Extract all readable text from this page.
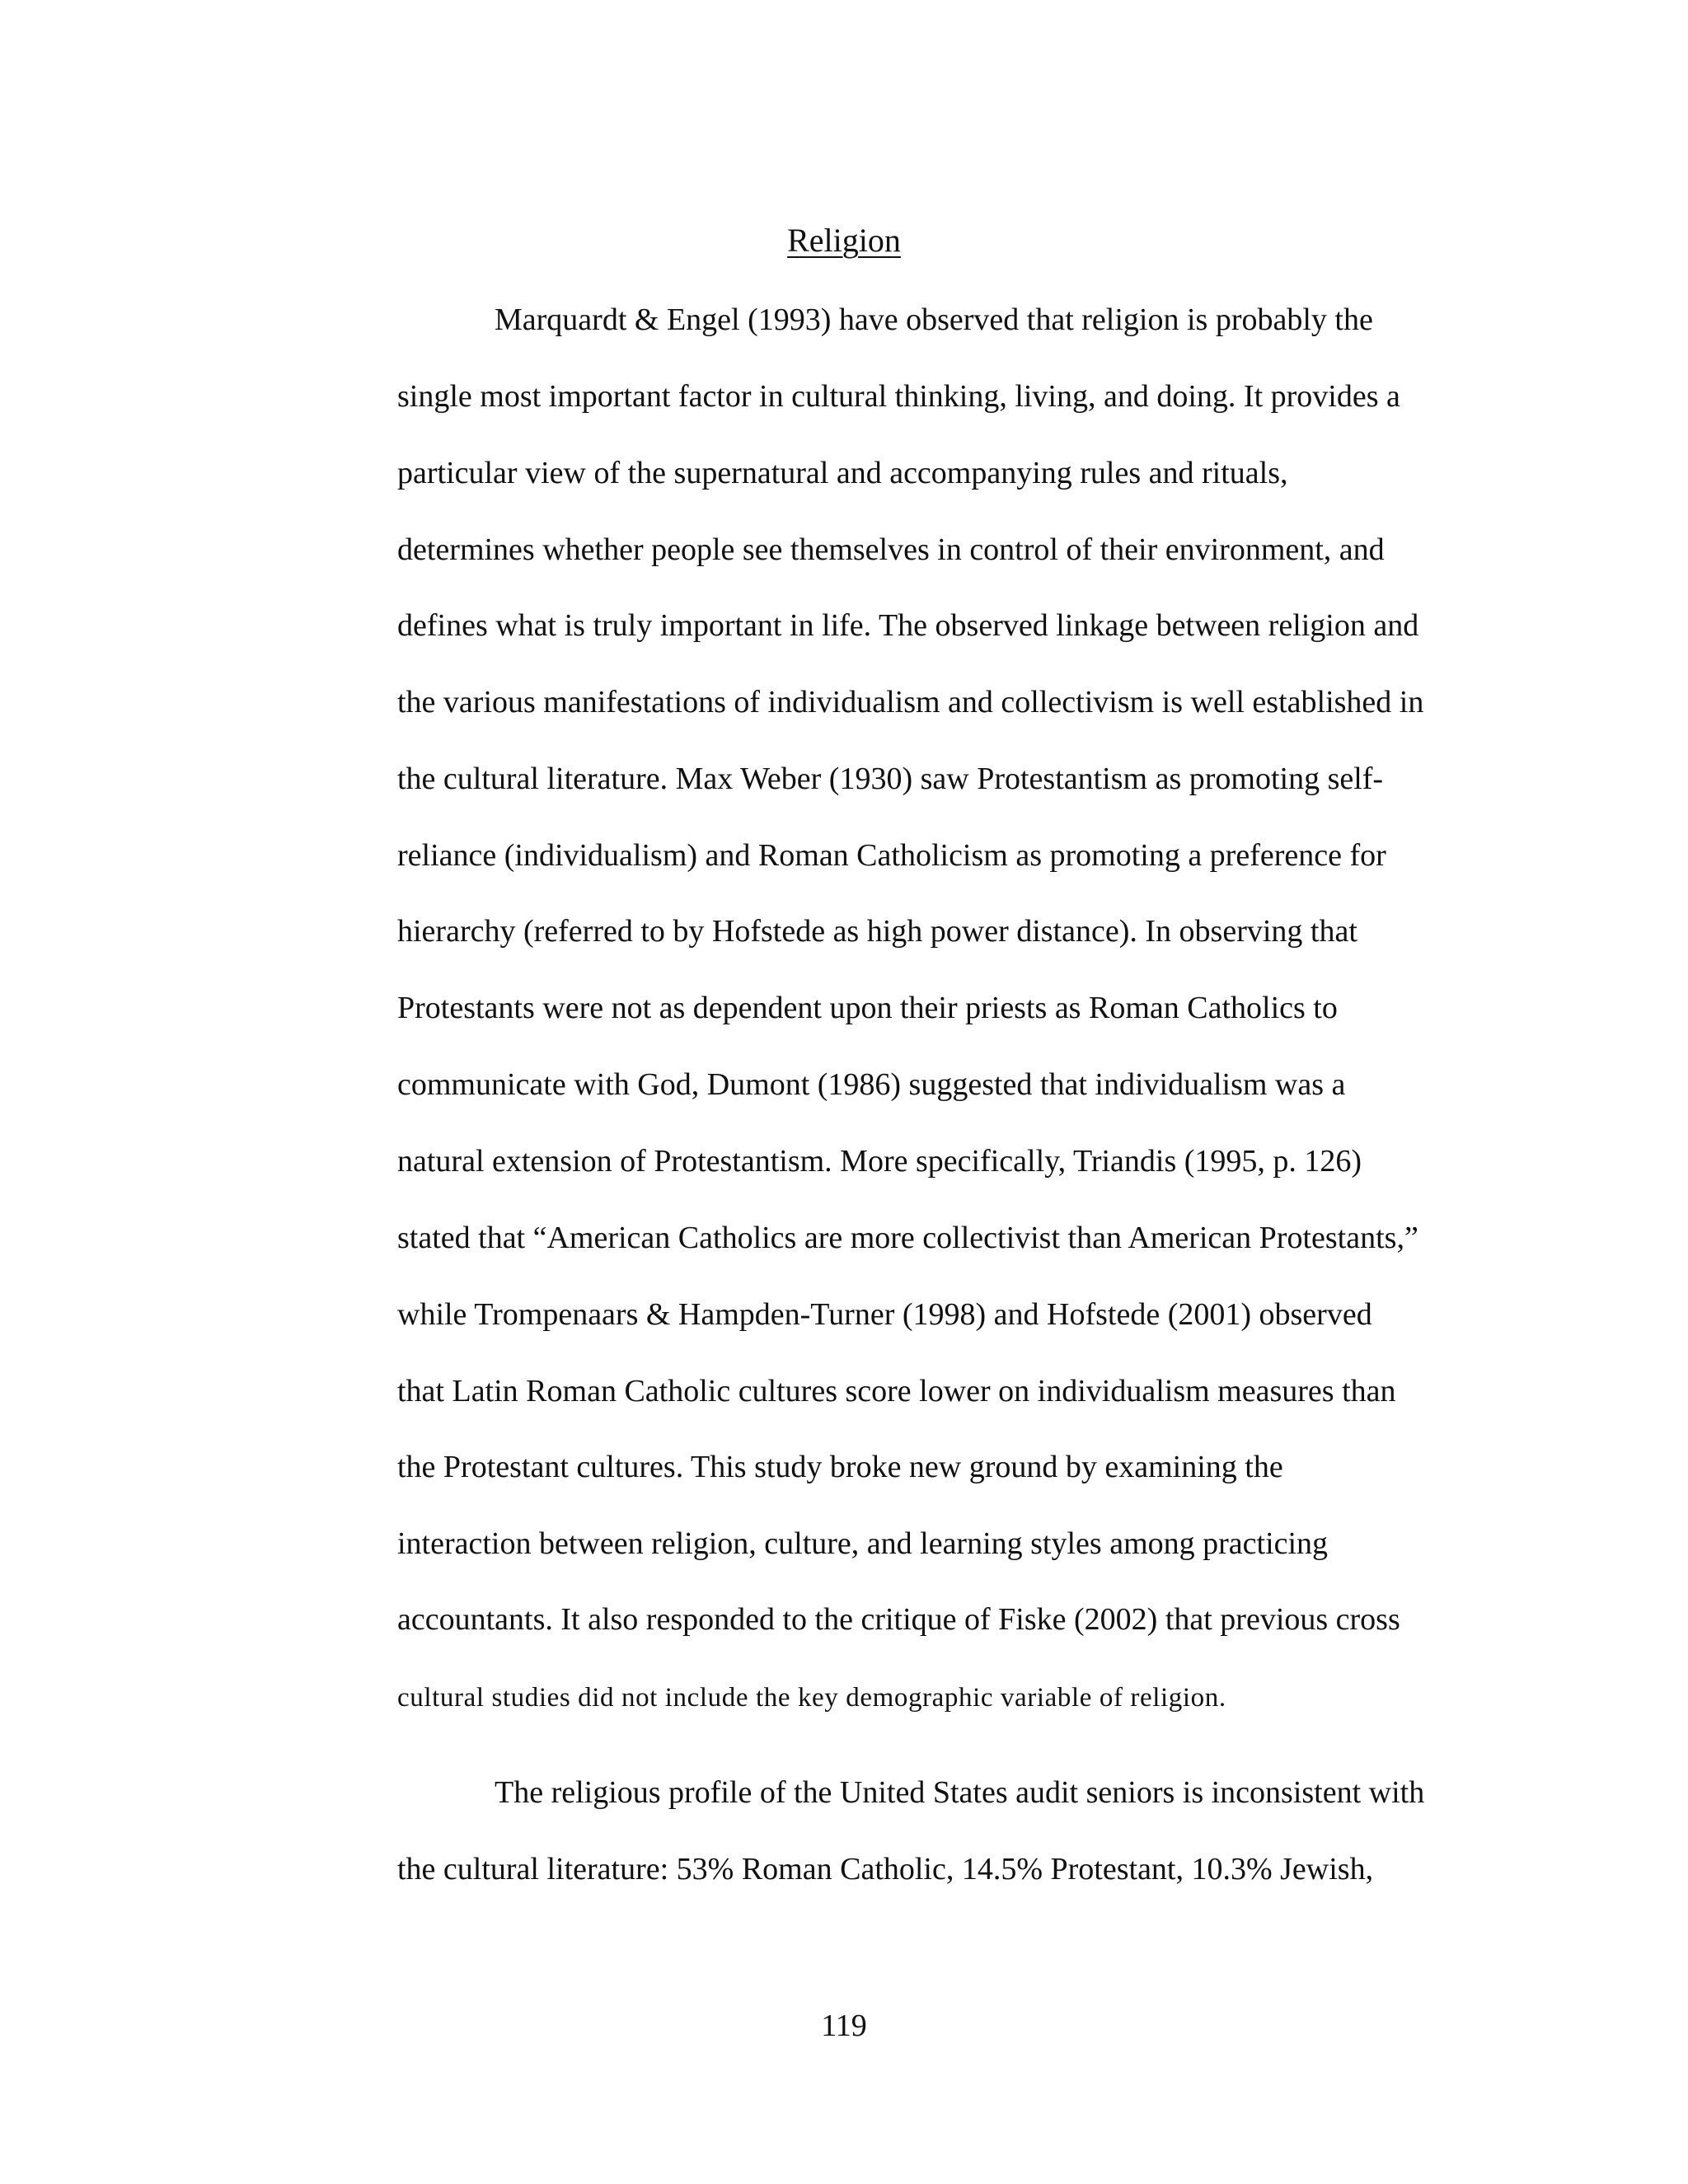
Religion

Marquardt & Engel (1993) have observed that religion is probably the

single most important factor in cultural thinking, living, and doing. It provides a

particular view of the supernatural and accompanying rules and rituals,

determines whether people see themselves in control of their environment, and

defines what is truly important in life. The observed linkage between religion and

the various manifestations of individualism and collectivism is well established in

the cultural literature. Max Weber (1930) saw Protestantism as promoting self-

reliance (individualism) and Roman Catholicism as promoting a preference for

hierarchy (referred to by Hofstede as high power distance). In observing that

Protestants were not as dependent upon their priests as Roman Catholics to

communicate with God, Dumont (1986) suggested that individualism was a

natural extension of Protestantism. More specifically, Triandis (1995, p. 126)

stated that “American Catholics are more collectivist than American Protestants,”

while Trompenaars & Hampden-Turner (1998) and Hofstede (2001) observed

that Latin Roman Catholic cultures score lower on individualism measures than

the Protestant cultures. This study broke new ground by examining the

interaction between religion, culture, and learning styles among practicing

accountants. It also responded to the critique of Fiske (2002) that previous cross

cultural studies did not include the key demographic variable of religion.

The religious profile of the United States audit seniors is inconsistent with

the cultural literature: 53% Roman Catholic, 14.5% Protestant, 10.3% Jewish,

119
